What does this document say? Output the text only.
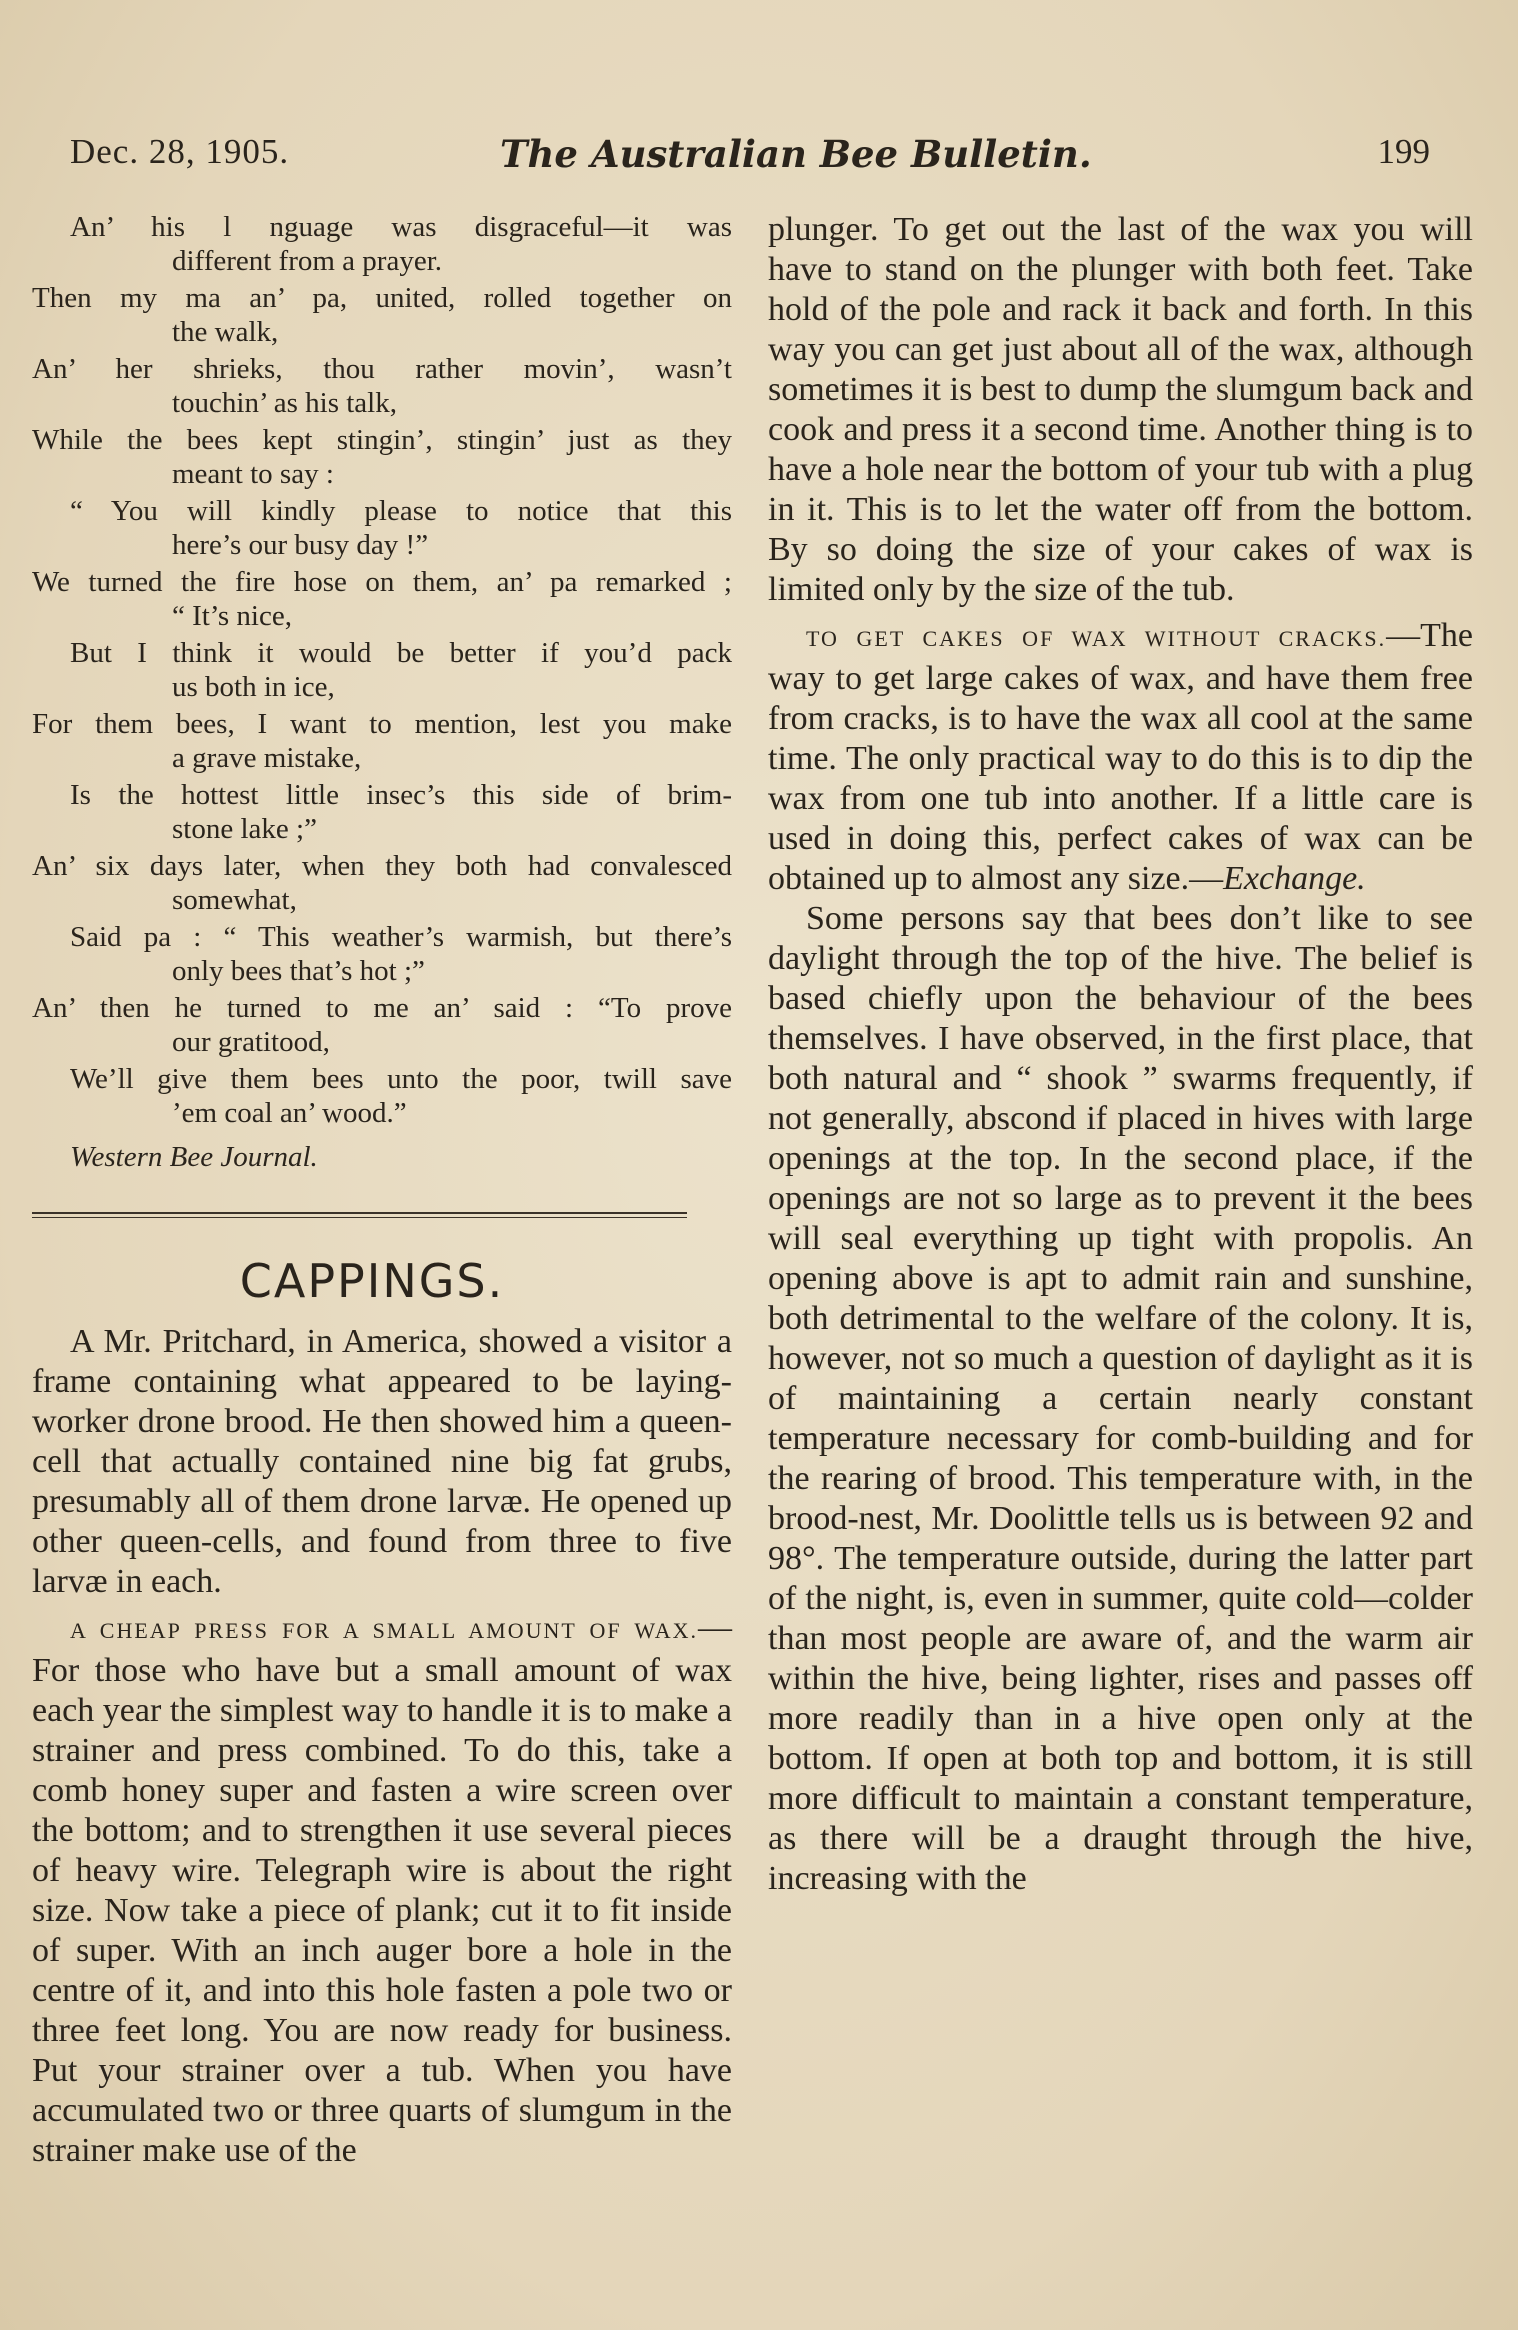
Dec. 28, 1905.	The Australian Bee Bulletin.	199
An’ his l nguage was disgraceful—it was
different from a prayer.
Then my ma an’ pa, united, rolled together on
the walk,
An’ her shrieks, thou rather movin’, wasn’t
touchin’ as his talk,
While the bees kept stingin’, stingin’ just as they
meant to say :
“ You will kindly please to notice that this
here’s our busy day !”
We turned the fire hose on them, an’ pa remarked ;
“ It’s nice,
But I think it would be better if you’d pack
us both in ice,
For them bees, I want to mention, lest you make
a grave mistake,
Is the hottest little insec’s this side of brim-
stone lake ;”
An’ six days later, when they both had convalesced
somewhat,
Said pa : “ This weather’s warmish, but there’s
only bees that’s hot ;”
An’ then he turned to me an’ said : “To prove
our gratitood,
We’ll give them bees unto the poor, twill save
’em coal an’ wood.”
Western Bee Journal.
CAPPINGS.

A Mr. Pritchard, in America, showed a visitor a frame containing what appeared to be laying-worker drone brood. He then showed him a queen-cell that actually contained nine big fat grubs, presumably all of them drone larvæ. He opened up other queen-cells, and found from three to five larvæ in each.

A CHEAP PRESS FOR A SMALL AMOUNT OF WAX.—For those who have but a small amount of wax each year the simplest way to handle it is to make a strainer and press combined. To do this, take a comb honey super and fasten a wire screen over the bottom; and to strengthen it use several pieces of heavy wire. Telegraph wire is about the right size. Now take a piece of plank; cut it to fit inside of super. With an inch auger bore a hole in the centre of it, and into this hole fasten a pole two or three feet long. You are now ready for business. Put your strainer over a tub. When you have accumulated two or three quarts of slumgum in the strainer make use of the

plunger. To get out the last of the wax you will have to stand on the plunger with both feet. Take hold of the pole and rack it back and forth. In this way you can get just about all of the wax, although sometimes it is best to dump the slumgum back and cook and press it a second time. Another thing is to have a hole near the bottom of your tub with a plug in it. This is to let the water off from the bottom. By so doing the size of your cakes of wax is limited only by the size of the tub.

TO GET CAKES OF WAX WITHOUT CRACKS.—The way to get large cakes of wax, and have them free from cracks, is to have the wax all cool at the same time. The only practical way to do this is to dip the wax from one tub into another. If a little care is used in doing this, perfect cakes of wax can be obtained up to almost any size.—Exchange.

Some persons say that bees don’t like to see daylight through the top of the hive. The belief is based chiefly upon the behaviour of the bees themselves. I have observed, in the first place, that both natural and “ shook ” swarms frequently, if not generally, abscond if placed in hives with large openings at the top. In the second place, if the openings are not so large as to prevent it the bees will seal everything up tight with propolis. An opening above is apt to admit rain and sunshine, both detrimental to the welfare of the colony. It is, however, not so much a question of daylight as it is of maintaining a certain nearly constant temperature necessary for comb-building and for the rearing of brood. This temperature with, in the brood-nest, Mr. Doolittle tells us is between 92 and 98°. The temperature outside, during the latter part of the night, is, even in summer, quite cold—colder than most people are aware of, and the warm air within the hive, being lighter, rises and passes off more readily than in a hive open only at the bottom. If open at both top and bottom, it is still more difficult to maintain a constant temperature, as there will be a draught through the hive, increasing with the
